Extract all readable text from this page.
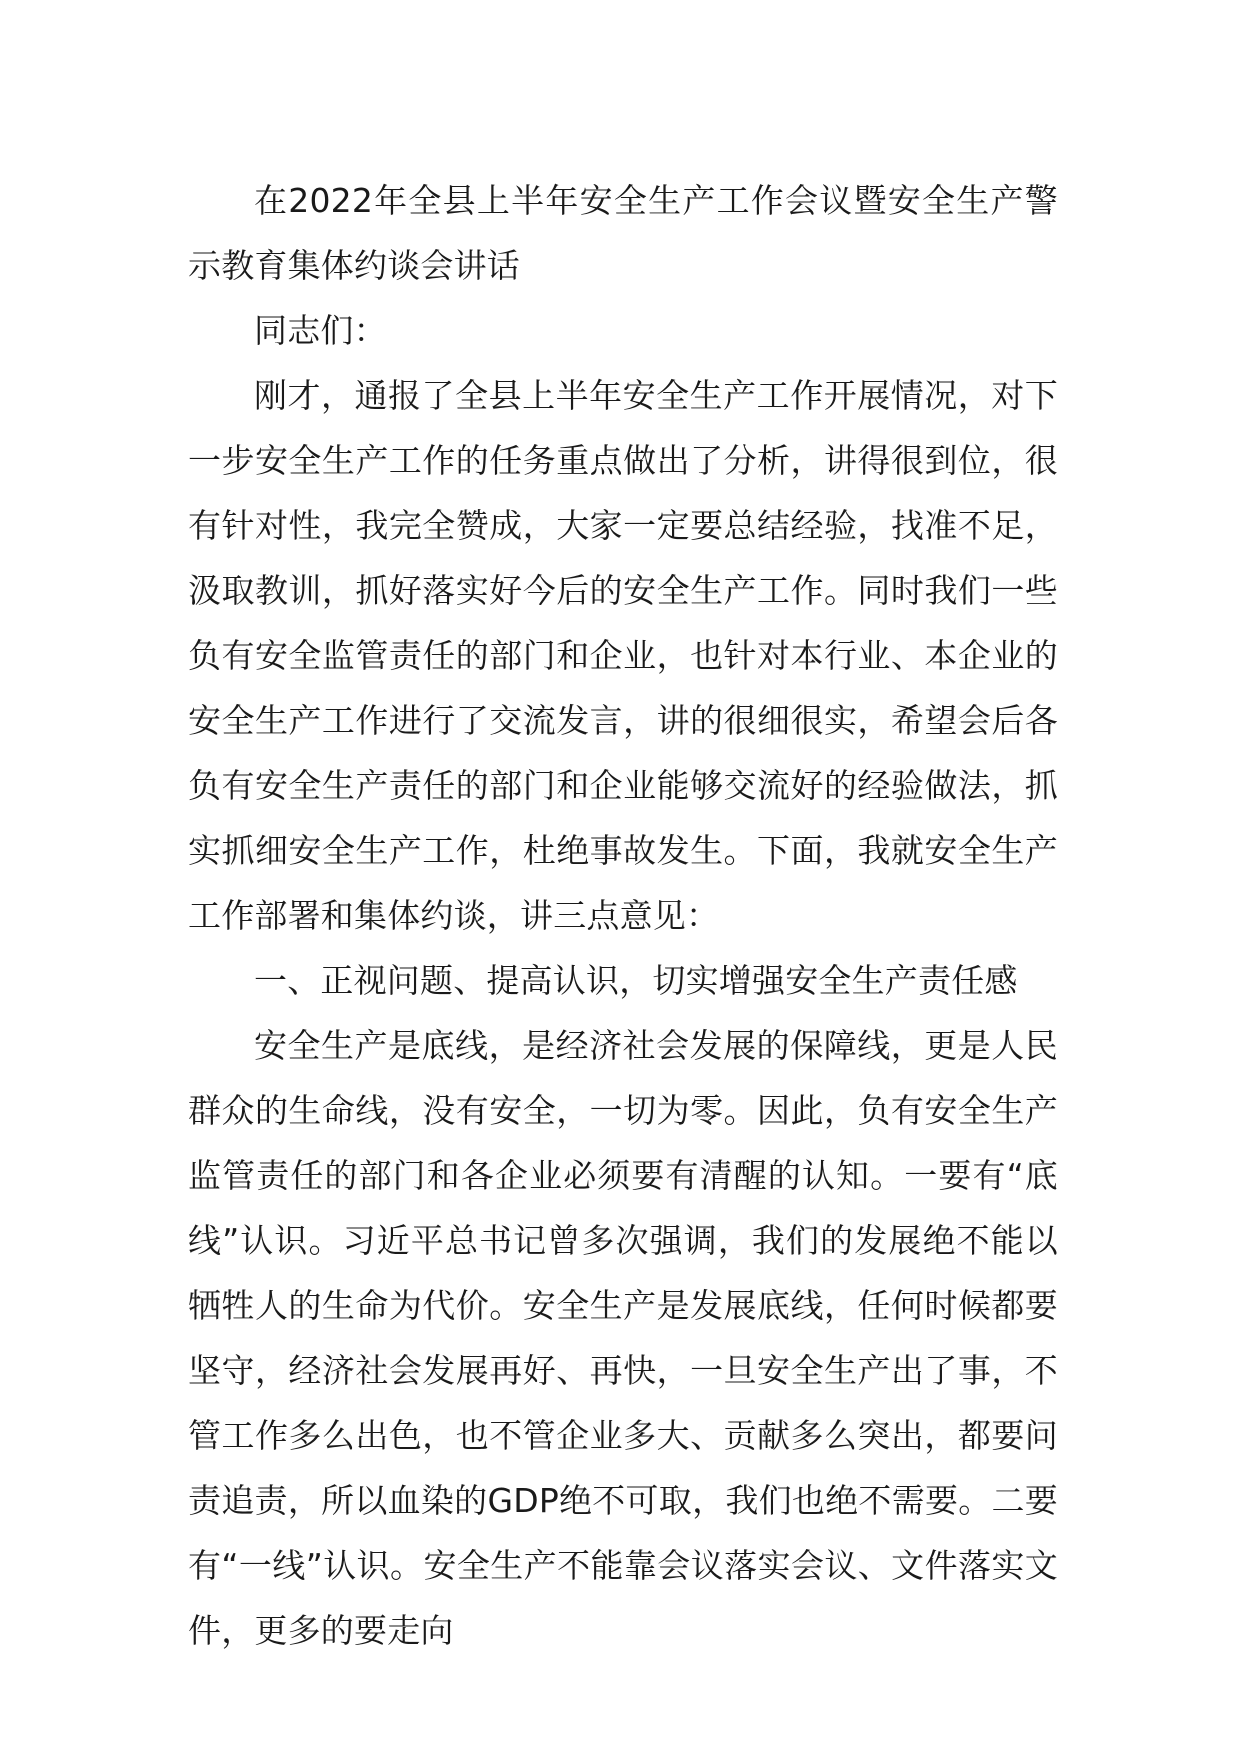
在2022年全县上半年安全生产工作会议暨安全生产警示教育集体约谈会讲话

同志们：

刚才，通报了全县上半年安全生产工作开展情况，对下一步安全生产工作的任务重点做出了分析，讲得很到位，很有针对性，我完全赞成，大家一定要总结经验，找准不足，汲取教训，抓好落实好今后的安全生产工作。同时我们一些负有安全监管责任的部门和企业，也针对本行业、本企业的安全生产工作进行了交流发言，讲的很细很实，希望会后各负有安全生产责任的部门和企业能够交流好的经验做法，抓实抓细安全生产工作，杜绝事故发生。下面，我就安全生产工作部署和集体约谈，讲三点意见：

一、正视问题、提高认识，切实增强安全生产责任感

安全生产是底线，是经济社会发展的保障线，更是人民群众的生命线，没有安全，一切为零。因此，负有安全生产监管责任的部门和各企业必须要有清醒的认知。一要有“底线”认识。习近平总书记曾多次强调，我们的发展绝不能以牺牲人的生命为代价。安全生产是发展底线，任何时候都要坚守，经济社会发展再好、再快，一旦安全生产出了事，不管工作多么出色，也不管企业多大、贡献多么突出，都要问责追责，所以血染的GDP绝不可取，我们也绝不需要。二要有“一线”认识。安全生产不能靠会议落实会议、文件落实文件，更多的要走向
